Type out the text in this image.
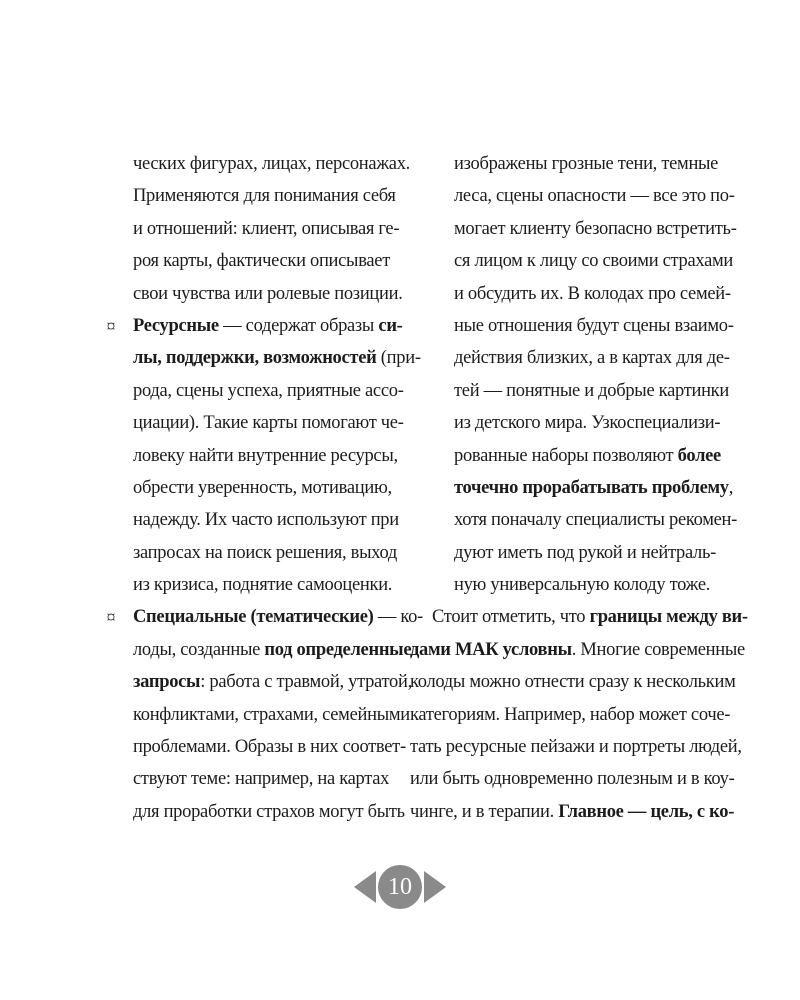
ческих фигурах, лицах, персонажах.
Применяются для понимания себя
и отношений: клиент, описывая ге-
роя карты, фактически описывает
свои чувства или ролевые позиции.
¤ Ресурсные — содержат образы си-
лы, поддержки, возможностей (при-
рода, сцены успеха, приятные ассо-
циации). Такие карты помогают че-
ловеку найти внутренние ресурсы,
обрести уверенность, мотивацию,
надежду. Их часто используют при
запросах на поиск решения, выход
из кризиса, поднятие самооценки.
¤ Специальные (тематические) — ко-
лоды, созданные под определенные
запросы: работа с травмой, утратой,
конфликтами, страхами, семейными
проблемами. Образы в них соответ-
ствуют теме: например, на картах
для проработки страхов могут быть
изображены грозные тени, темные
леса, сцены опасности — все это по-
могает клиенту безопасно встретить-
ся лицом к лицу со своими страхами
и обсудить их. В колодах про семей-
ные отношения будут сцены взаимо-
действия близких, а в картах для де-
тей — понятные и добрые картинки
из детского мира. Узкоспециализи-
рованные наборы позволяют более
точечно прорабатывать проблему,
хотя поначалу специалисты рекомен-
дуют иметь под рукой и нейтраль-
ную универсальную колоду тоже.
Стоит отметить, что границы между ви-
дами МАК условны. Многие современные
колоды можно отнести сразу к нескольким
категориям. Например, набор может соче-
тать ресурсные пейзажи и портреты людей,
или быть одновременно полезным и в коу-
чинге, и в терапии. Главное — цель, с ко-
10
